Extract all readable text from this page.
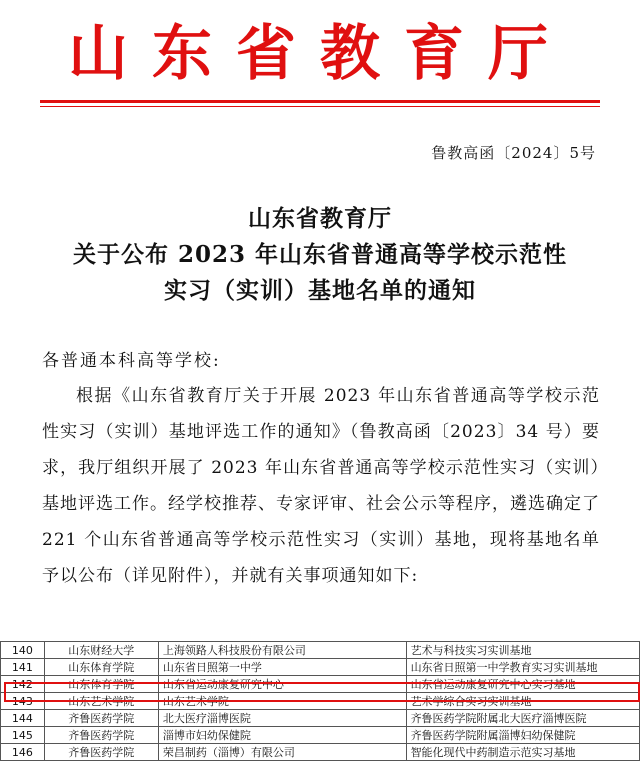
山东省教育厅
鲁教高函〔2024〕5号
山东省教育厅
关于公布 2023 年山东省普通高等学校示范性
实习（实训）基地名单的通知
各普通本科高等学校:
根据《山东省教育厅关于开展 2023 年山东省普通高等学校示范性实习（实训）基地评选工作的通知》（鲁教高函〔2023〕34 号）要求，我厅组织开展了 2023 年山东省普通高等学校示范性实习（实训）基地评选工作。经学校推荐、专家评审、社会公示等程序，遴选确定了 221 个山东省普通高等学校示范性实习（实训）基地，现将基地名单予以公布（详见附件），并就有关事项通知如下:
140	山东财经大学	上海领路人科技股份有限公司	艺术与科技实习实训基地
141	山东体育学院	山东省日照第一中学	山东省日照第一中学教育实习实训基地
142	山东体育学院	山东省运动康复研究中心	山东省运动康复研究中心实习基地
143	山东艺术学院	山东艺术学院	艺术学综合实习实训基地
144	齐鲁医药学院	北大医疗淄博医院	齐鲁医药学院附属北大医疗淄博医院
145	齐鲁医药学院	淄博市妇幼保健院	齐鲁医药学院附属淄博妇幼保健院
146	齐鲁医药学院	荣昌制药（淄博）有限公司	智能化现代中药制造示范实习基地
